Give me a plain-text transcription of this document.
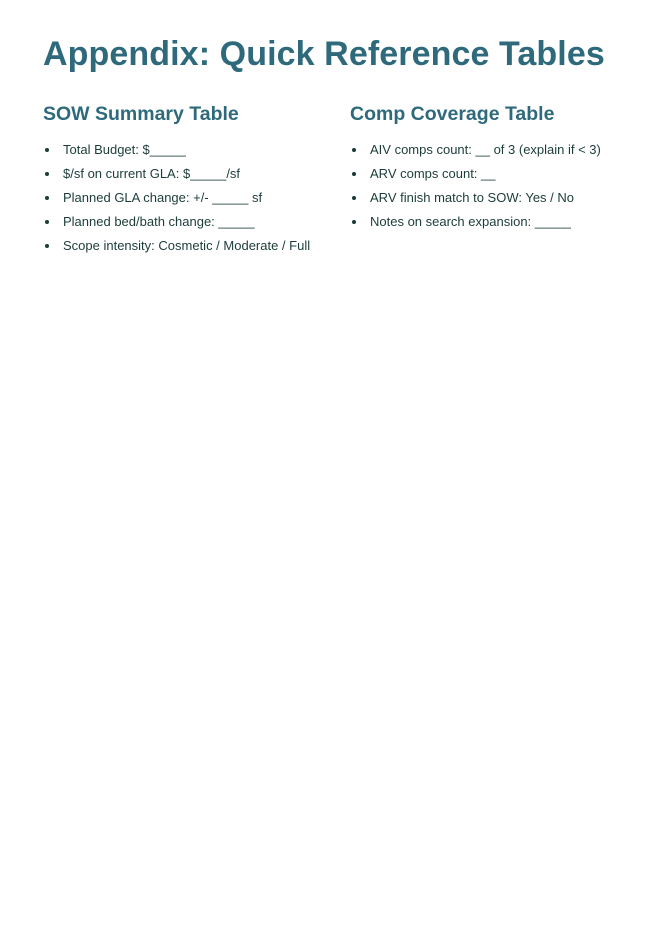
Appendix: Quick Reference Tables
SOW Summary Table
Total Budget: $_____
$/sf on current GLA: $_____/sf
Planned GLA change: +/- _____ sf
Planned bed/bath change: _____
Scope intensity: Cosmetic / Moderate / Full
Comp Coverage Table
AIV comps count: __ of 3 (explain if < 3)
ARV comps count: __
ARV finish match to SOW: Yes / No
Notes on search expansion: _____
